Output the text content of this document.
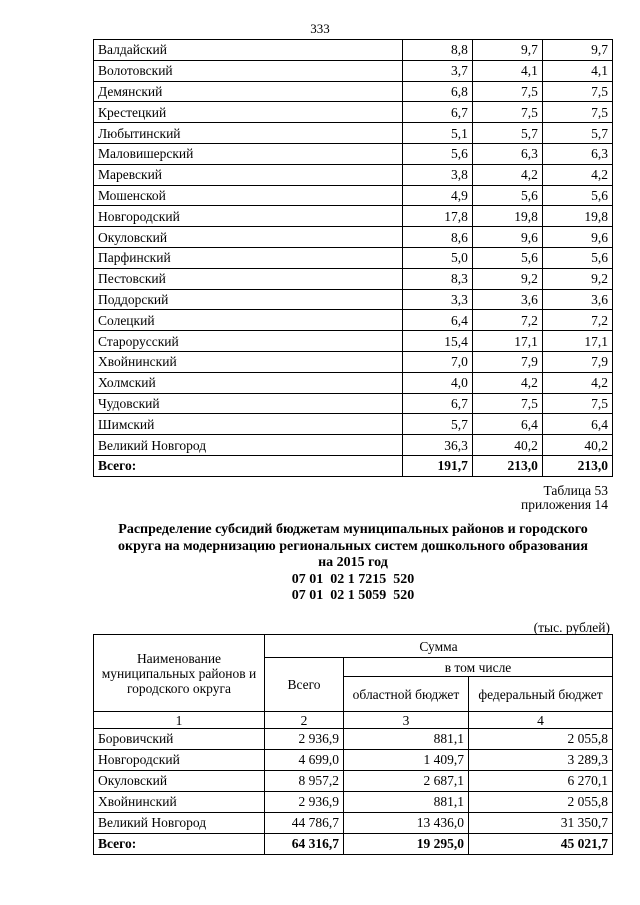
333
Валдайский	8,8	9,7	9,7
Волотовский	3,7	4,1	4,1
Демянский	6,8	7,5	7,5
Крестецкий	6,7	7,5	7,5
Любытинский	5,1	5,7	5,7
Маловишерский	5,6	6,3	6,3
Маревский	3,8	4,2	4,2
Мошенской	4,9	5,6	5,6
Новгородский	17,8	19,8	19,8
Окуловский	8,6	9,6	9,6
Парфинский	5,0	5,6	5,6
Пестовский	8,3	9,2	9,2
Поддорский	3,3	3,6	3,6
Солецкий	6,4	7,2	7,2
Старорусский	15,4	17,1	17,1
Хвойнинский	7,0	7,9	7,9
Холмский	4,0	4,2	4,2
Чудовский	6,7	7,5	7,5
Шимский	5,7	6,4	6,4
Великий Новгород	36,3	40,2	40,2
Всего:	191,7	213,0	213,0
Таблица 53
приложения 14
Распределение субсидий бюджетам муниципальных районов и городского
округа на модернизацию региональных систем дошкольного образования
на 2015 год
07 01  02 1 7215  520
07 01  02 1 5059  520
(тыс. рублей)
Наименование муниципальных районов и городского округа	Сумма		
	Всего	в том числе	
		областной бюджет	федеральный бюджет
1	2	3	4
Боровичский	2 936,9	881,1	2 055,8
Новгородский	4 699,0	1 409,7	3 289,3
Окуловский	8 957,2	2 687,1	6 270,1
Хвойнинский	2 936,9	881,1	2 055,8
Великий Новгород	44 786,7	13 436,0	31 350,7
Всего:	64 316,7	19 295,0	45 021,7
